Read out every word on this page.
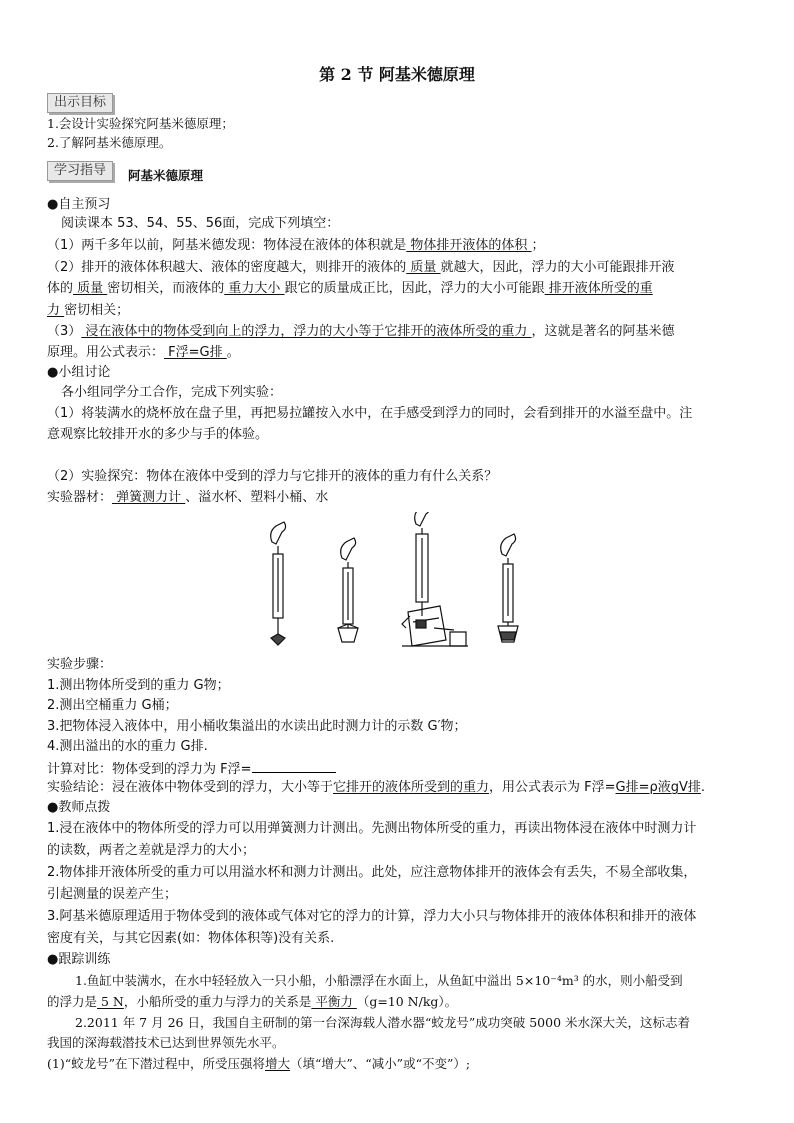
第 2 节 阿基米德原理
出示目标
1.会设计实验探究阿基米德原理；
2.了解阿基米德原理。
学习指导	阿基米德原理
●自主预习
阅读课本 53、54、55、56面，完成下列填空：
（1）两千多年以前，阿基米德发现：物体浸在液体的体积就是 物体排开液体的体积 ；
（2）排开的液体体积越大、液体的密度越大，则排开的液体的 质量 就越大，因此，浮力的大小可能跟排开液
体的 质量 密切相关，而液体的 重力大小 跟它的质量成正比，因此，浮力的大小可能跟 排开液体所受的重
力 密切相关；
（3） 浸在液体中的物体受到向上的浮力，浮力的大小等于它排开的液体所受的重力 ，这就是著名的阿基米德
原理。用公式表示： F浮=G排 。
●小组讨论
各小组同学分工合作，完成下列实验：
（1）将装满水的烧杯放在盘子里，再把易拉罐按入水中，在手感受到浮力的同时，会看到排开的水溢至盘中。注
意观察比较排开水的多少与手的体验。
（2）实验探究：物体在液体中受到的浮力与它排开的液体的重力有什么关系？
实验器材： 弹簧测力计 、溢水杯、塑料小桶、水
实验步骤：
1.测出物体所受到的重力 G物；
2.测出空桶重力 G桶；
3.把物体浸入液体中，用小桶收集溢出的水读出此时测力计的示数 G′物；
4.测出溢出的水的重力 G排.
计算对比：物体受到的浮力为 F浮=
实验结论：浸在液体中物体受到的浮力，大小等于它排开的液体所受到的重力，用公式表示为 F浮=G排=ρ液gV排.
●教师点拨
1.浸在液体中的物体所受的浮力可以用弹簧测力计测出。先测出物体所受的重力，再读出物体浸在液体中时测力计
的读数，两者之差就是浮力的大小；
2.物体排开液体所受的重力可以用溢水杯和测力计测出。此处，应注意物体排开的液体会有丢失，不易全部收集，
引起测量的误差产生；
3.阿基米德原理适用于物体受到的液体或气体对它的浮力的计算，浮力大小只与物体排开的液体体积和排开的液体
密度有关，与其它因素(如：物体体积等)没有关系.
●跟踪训练
1.鱼缸中装满水，在水中轻轻放入一只小船，小船漂浮在水面上，从鱼缸中溢出 5×10⁻⁴m³ 的水，则小船受到
的浮力是 5 N，小船所受的重力与浮力的关系是 平衡力 （g=10 N/kg）。
2.2011 年 7 月 26 日，我国自主研制的第一台深海载人潜水器“蛟龙号”成功突破 5000 米水深大关，这标志着
我国的深海载潜技术已达到世界领先水平。
(1)“蛟龙号”在下潜过程中，所受压强将增大（填“增大”、“减小”或“不变”）;
